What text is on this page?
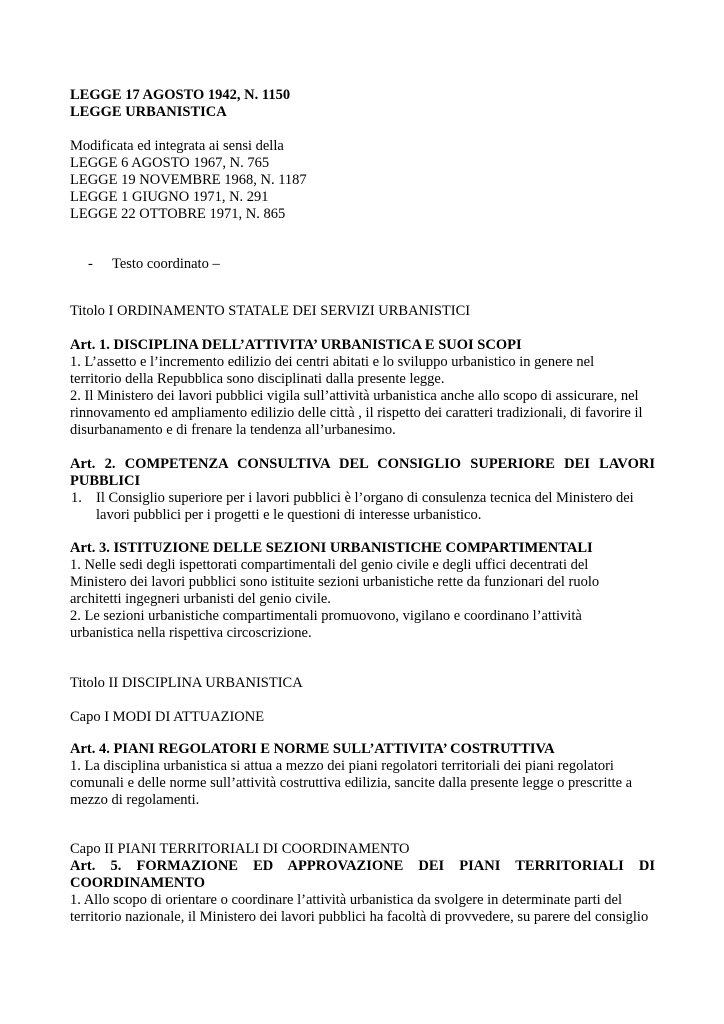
LEGGE 17 AGOSTO 1942, N. 1150

LEGGE URBANISTICA

Modificata ed integrata ai sensi della

LEGGE 6 AGOSTO 1967, N. 765

LEGGE 19 NOVEMBRE 1968, N. 1187

LEGGE 1 GIUGNO 1971, N. 291

LEGGE 22 OTTOBRE 1971, N. 865

- Testo coordinato –

Titolo I ORDINAMENTO STATALE DEI SERVIZI URBANISTICI

Art. 1. DISCIPLINA DELL’ATTIVITA’ URBANISTICA E SUOI SCOPI

1. L’assetto e l’incremento edilizio dei centri abitati e lo sviluppo urbanistico in genere nel

territorio della Repubblica sono disciplinati dalla presente legge.

2. Il Ministero dei lavori pubblici vigila sull’attività urbanistica anche allo scopo di assicurare, nel

rinnovamento ed ampliamento edilizio delle città , il rispetto dei caratteri tradizionali, di favorire il

disurbanamento e di frenare la tendenza all’urbanesimo.

Art. 2. COMPETENZA CONSULTIVA DEL CONSIGLIO SUPERIORE DEI LAVORI

PUBBLICI

1. Il Consiglio superiore per i lavori pubblici è l’organo di consulenza tecnica del Ministero dei

lavori pubblici per i progetti e le questioni di interesse urbanistico.

Art. 3. ISTITUZIONE DELLE SEZIONI URBANISTICHE COMPARTIMENTALI

1. Nelle sedi degli ispettorati compartimentali del genio civile e degli uffici decentrati del

Ministero dei lavori pubblici sono istituite sezioni urbanistiche rette da funzionari del ruolo

architetti ingegneri urbanisti del genio civile.

2. Le sezioni urbanistiche compartimentali promuovono, vigilano e coordinano l’attività

urbanistica nella rispettiva circoscrizione.

Titolo II DISCIPLINA URBANISTICA

Capo I MODI DI ATTUAZIONE

Art. 4. PIANI REGOLATORI E NORME SULL’ATTIVITA’ COSTRUTTIVA

1. La disciplina urbanistica si attua a mezzo dei piani regolatori territoriali dei piani regolatori

comunali e delle norme sull’attività costruttiva edilizia, sancite dalla presente legge o prescritte a

mezzo di regolamenti.

Capo II PIANI TERRITORIALI DI COORDINAMENTO

Art. 5. FORMAZIONE ED APPROVAZIONE DEI PIANI TERRITORIALI DI

COORDINAMENTO

1. Allo scopo di orientare o coordinare l’attività urbanistica da svolgere in determinate parti del

territorio nazionale, il Ministero dei lavori pubblici ha facoltà di provvedere, su parere del consiglio
